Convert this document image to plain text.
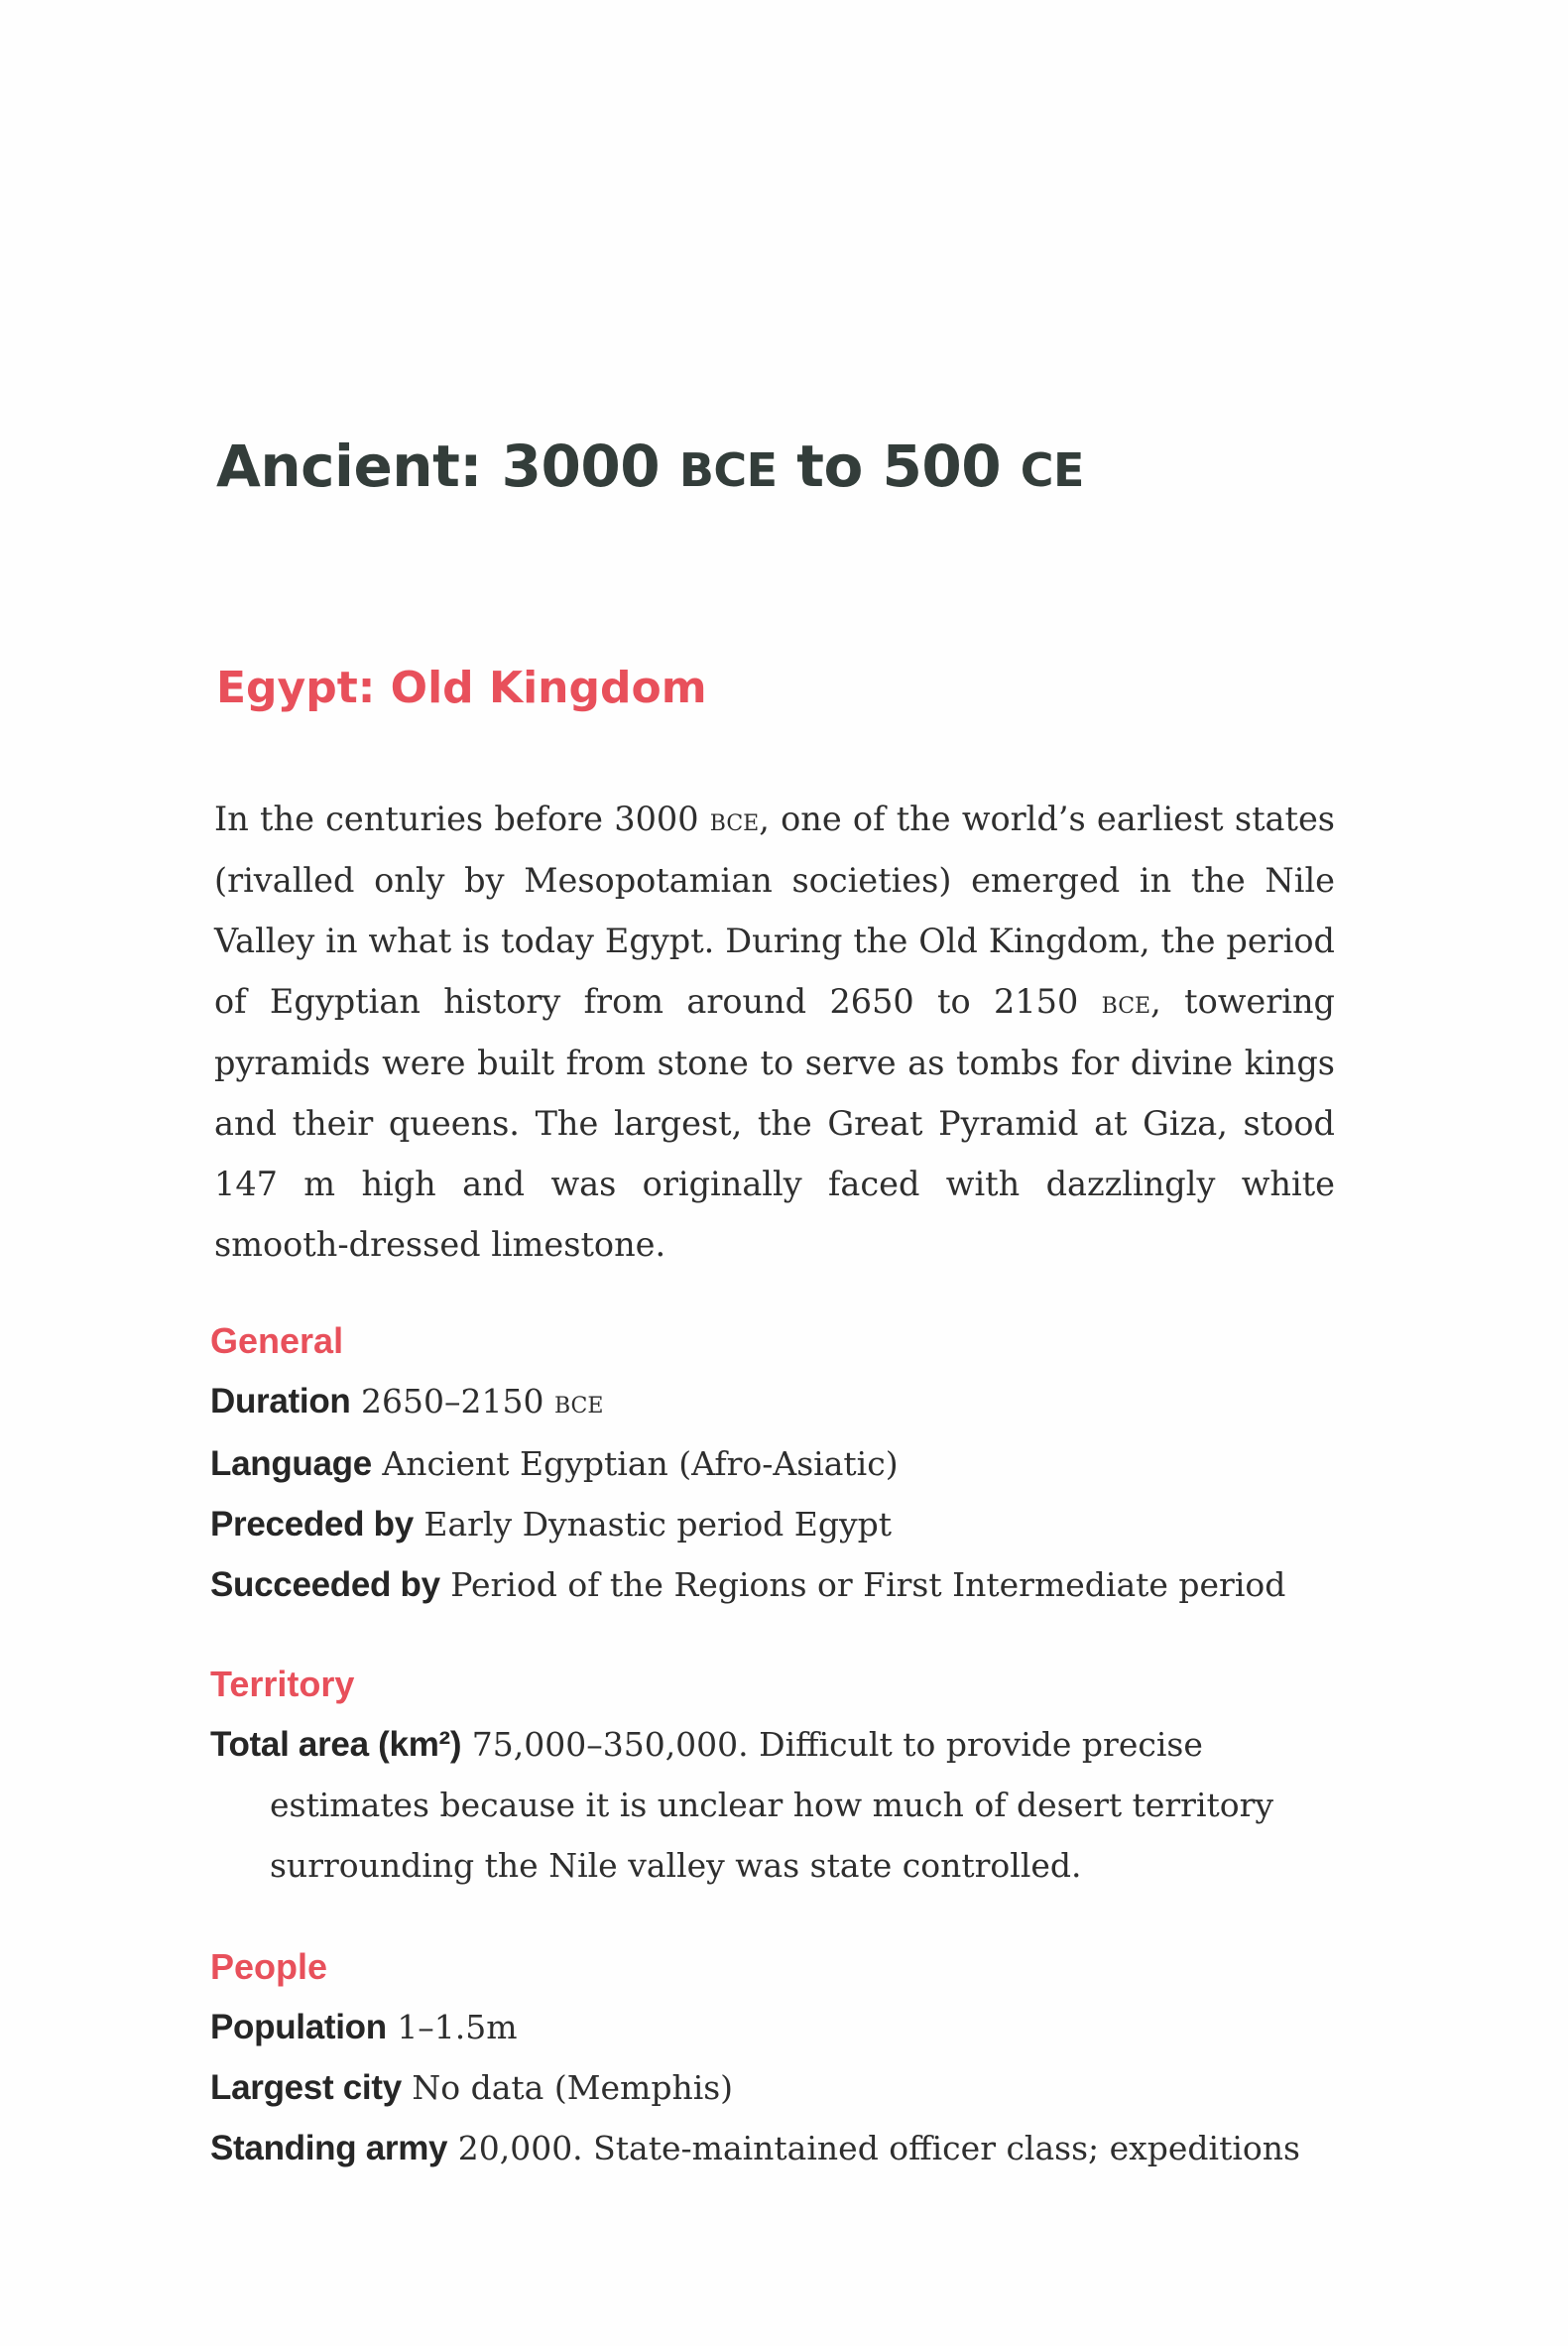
Ancient: 3000 BCE to 500 CE
Egypt: Old Kingdom

In the centuries before 3000 bce, one of the world’s earliest states (rivalled only by Mesopotamian societies) emerged in the Nile Valley in what is today Egypt. During the Old Kingdom, the period of Egyptian history from around 2650 to 2150 bce, towering pyramids were built from stone to serve as tombs for divine kings and their queens. The largest, the Great Pyramid at Giza, stood 147 m high and was originally faced with dazzlingly white smooth-dressed limestone.

General

Duration 2650–2150 bce

Language Ancient Egyptian (Afro-Asiatic)

Preceded by Early Dynastic period Egypt

Succeeded by Period of the Regions or First Intermediate period

Territory

Total area (km²) 75,000–350,000. Difficult to provide precise estimates because it is unclear how much of desert territory surrounding the Nile valley was state controlled.

People

Population 1–1.5m

Largest city No data (Memphis)

Standing army 20,000. State-maintained officer class; expeditions
